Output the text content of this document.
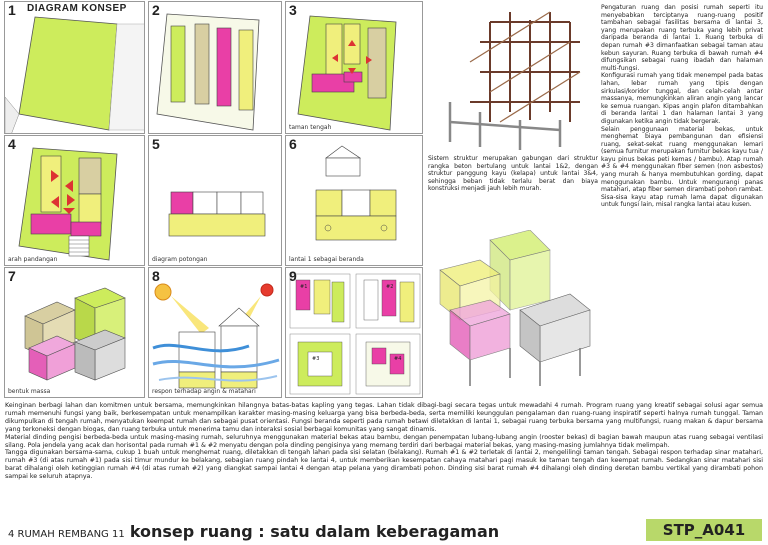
1 DIAGRAM KONSEP 2	3
taman tengah
4
arah pandangan
5
diagram potongan
6
lantai 1 sebagai beranda
7
bentuk massa
8
respon terhadap angin & matahari
9
#1	#2
#3	#4

Sistem struktur merupakan gabungan dari struktur rangka beton bertulang untuk lantai 1&2, dengan struktur panggung kayu (kelapa) untuk lantai 3&4, sehingga beban tidak terlalu berat dan biaya konstruksi menjadi jauh lebih murah.

Pengaturan ruang dan posisi rumah seperti itu menyebabkan terciptanya ruang-ruang positif tambahan sebagai fasilitas bersama di lantai 3, yang merupakan ruang terbuka yang lebih privat daripada beranda di lantai 1. Ruang terbuka di depan rumah #3 dimanfaatkan sebagai taman atau kebun sayuran. Ruang terbuka di bawah rumah #4 difungsikan sebagai ruang ibadah dan halaman multi-fungsi.

Konfigurasi rumah yang tidak menempel pada batas lahan, lebar rumah yang tipis dengan sirkulasi/koridor tunggal, dan celah-celah antar massanya, memungkinkan aliran angin yang lancar ke semua ruangan. Kipas angin plafon ditambahkan di beranda lantai 1 dan halaman lantai 3 yang digunakan ketika angin tidak bergerak.

Selain penggunaan material bekas, untuk menghemat biaya pembangunan dan efisiensi ruang, sekat-sekat ruang menggunakan lemari (semua furnitur merupakan furnitur bekas kayu tua / kayu pinus bekas peti kemas / bambu). Atap rumah #3 & #4 menggunakan fiber semen (non asbestos) yang murah & hanya membutuhkan gording, dapat menggunakan bambu. Untuk mengurangi panas matahari, atap fiber semen dirambati pohon rambat. Sisa-sisa kayu atap rumah lama dapat digunakan untuk fungsi lain, misal rangka lantai atau kusen.

Keinginan berbagi lahan dan komitmen untuk bersama, memungkinkan hilangnya batas-batas kapling yang tegas. Lahan tidak dibagi-bagi secara tegas untuk mewadahi 4 rumah. Program ruang yang kreatif sebagai solusi agar semua rumah memenuhi fungsi yang baik, berkesempatan untuk menampilkan karakter masing-masing keluarga yang bisa berbeda-beda, serta memiliki keunggulan pengalaman dan ruang-ruang inspiratif seperti halnya rumah tunggal. Taman dikumpulkan di tengah rumah, menyatukan keempat rumah dan sebagai pusat orientasi. Fungsi beranda seperti pada rumah betawi diletakkan di lantai 1, sebagai ruang terbuka bersama yang multifungsi, ruang makan & dapur bersama yang terkoneksi dengan biogas, dan ruang terbuka untuk menerima tamu dan interaksi sosial berbagai komunitas yang sangat dinamis.

Material dinding pengisi berbeda-beda untuk masing-masing rumah, seluruhnya menggunakan material bekas atau bambu, dengan penempatan lubang-lubang angin (rooster bekas) di bagian bawah maupun atas ruang sebagai ventilasi silang. Pola jendela yang acak dan horisontal pada rumah #1 & #2 menyatu dengan pola dinding pengisinya yang memang terdiri dari berbagai material bekas, yang masing-masing jumlahnya tidak melimpah.

Tangga digunakan bersama-sama, cukup 1 buah untuk menghemat ruang, diletakkan di tengah lahan pada sisi selatan (belakang). Rumah #1 & #2 terletak di lantai 2, mengelilingi taman tengah. Sebagai respon terhadap sinar matahari, rumah #3 (di atas rumah #1) pada sisi timur mundur ke belakang, sebagian ruang pindah ke lantai 4, untuk memberikan kesempatan cahaya matahari pagi masuk ke taman tengah dan keempat rumah. Sedangkan sinar matahari sisi barat dihalangi oleh ketinggian rumah #4 (di atas rumah #2) yang diangkat sampai lantai 4 dengan atap pelana yang dirambati pohon. Dinding sisi barat rumah #4 dihalangi oleh dinding deretan bambu vertikal yang dirambati pohon sampai ke seluruh atapnya.

4 RUMAH REMBANG 11 konsep ruang : satu dalam keberagaman	STP_A041
